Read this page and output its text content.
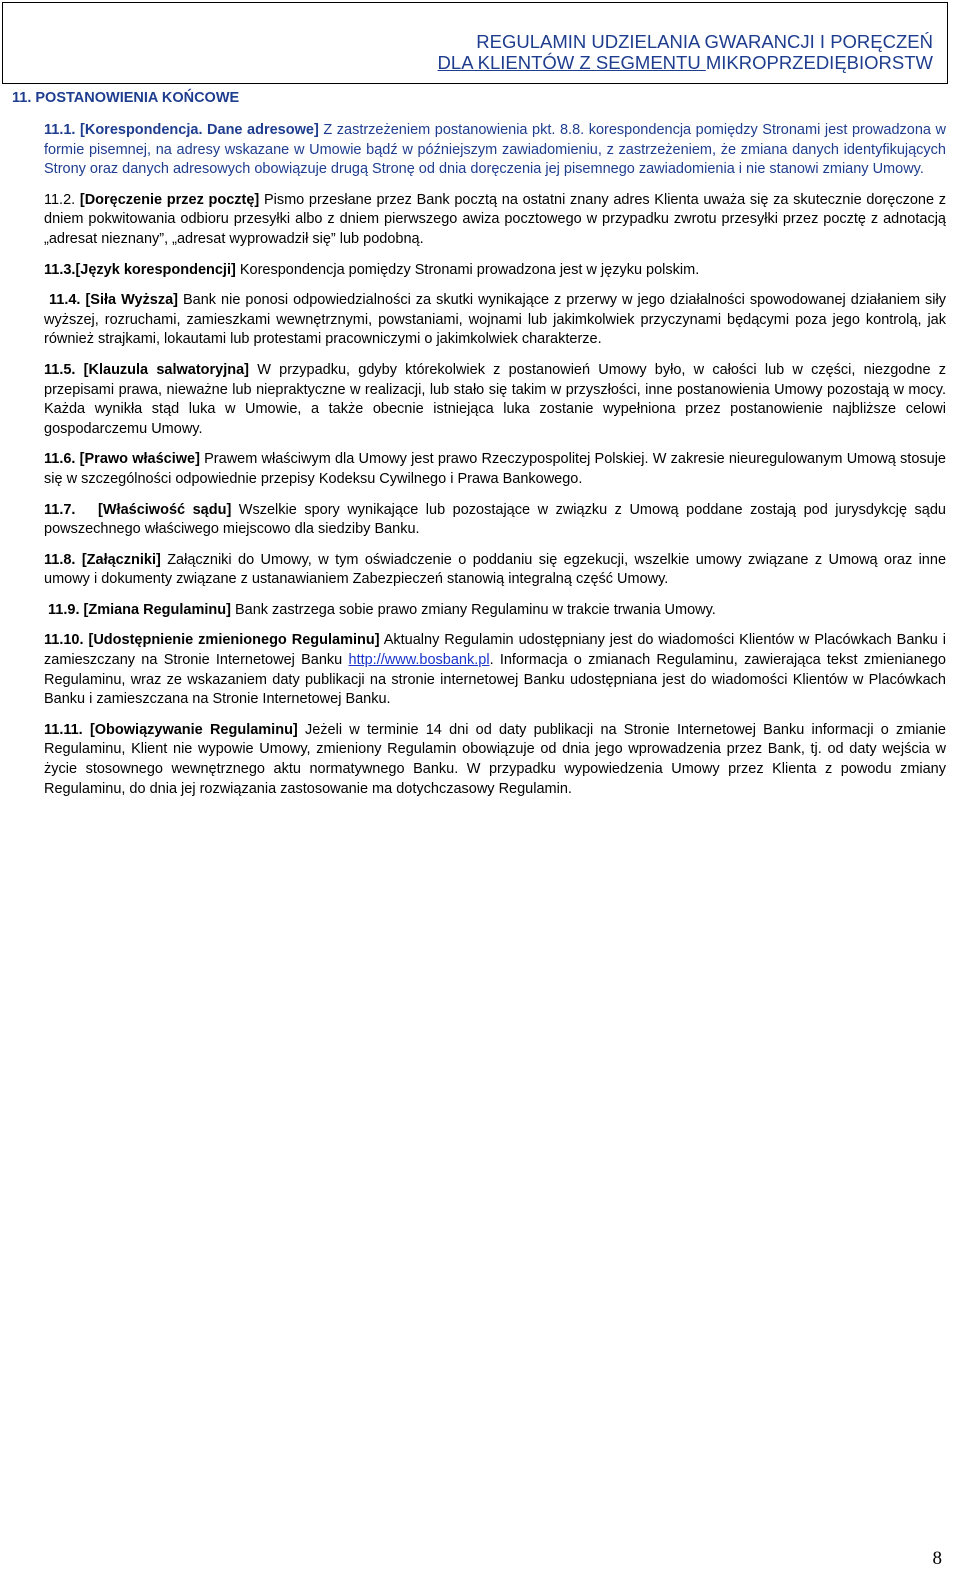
REGULAMIN UDZIELANIA GWARANCJI I PORĘCZEŃ
DLA KLIENTÓW Z SEGMENTU MIKROPRZEDIĘBIORSTW
11. POSTANOWIENIA KOŃCOWE

11.1. [Korespondencja. Dane adresowe] Z zastrzeżeniem postanowienia pkt. 8.8. korespondencja pomiędzy Stronami jest prowadzona w formie pisemnej, na adresy wskazane w Umowie bądź w późniejszym zawiadomieniu, z zastrzeżeniem, że zmiana danych identyfikujących Strony oraz danych adresowych obowiązuje drugą Stronę od dnia doręczenia jej pisemnego zawiadomienia i nie stanowi zmiany Umowy.

11.2. [Doręczenie przez pocztę] Pismo przesłane przez Bank pocztą na ostatni znany adres Klienta uważa się za skutecznie doręczone z dniem pokwitowania odbioru przesyłki albo z dniem pierwszego awiza pocztowego w przypadku zwrotu przesyłki przez pocztę z adnotacją „adresat nieznany”, „adresat wyprowadził się” lub podobną.

11.3.[Język korespondencji] Korespondencja pomiędzy Stronami prowadzona jest w języku polskim.

11.4. [Siła Wyższa] Bank nie ponosi odpowiedzialności za skutki wynikające z przerwy w jego działalności spowodowanej działaniem siły wyższej, rozruchami, zamieszkami wewnętrznymi, powstaniami, wojnami lub jakimkolwiek przyczynami będącymi poza jego kontrolą, jak również strajkami, lokautami lub protestami pracowniczymi o jakimkolwiek charakterze.

11.5. [Klauzula salwatoryjna] W przypadku, gdyby którekolwiek z postanowień Umowy było, w całości lub w części, niezgodne z przepisami prawa, nieważne lub niepraktyczne w realizacji, lub stało się takim w przyszłości, inne postanowienia Umowy pozostają w mocy. Każda wynikła stąd luka w Umowie, a także obecnie istniejąca luka zostanie wypełniona przez postanowienie najbliższe celowi gospodarczemu Umowy.

11.6. [Prawo właściwe] Prawem właściwym dla Umowy jest prawo Rzeczypospolitej Polskiej. W zakresie nieuregulowanym Umową stosuje się w szczególności odpowiednie przepisy Kodeksu Cywilnego i Prawa Bankowego.

11.7. [Właściwość sądu] Wszelkie spory wynikające lub pozostające w związku z Umową poddane zostają pod jurysdykcję sądu powszechnego właściwego miejscowo dla siedziby Banku.

11.8. [Załączniki] Załączniki do Umowy, w tym oświadczenie o poddaniu się egzekucji, wszelkie umowy związane z Umową oraz inne umowy i dokumenty związane z ustanawianiem Zabezpieczeń stanowią integralną część Umowy.

11.9. [Zmiana Regulaminu] Bank zastrzega sobie prawo zmiany Regulaminu w trakcie trwania Umowy.

11.10. [Udostępnienie zmienionego Regulaminu] Aktualny Regulamin udostępniany jest do wiadomości Klientów w Placówkach Banku i zamieszczany na Stronie Internetowej Banku http://www.bosbank.pl. Informacja o zmianach Regulaminu, zawierająca tekst zmienianego Regulaminu, wraz ze wskazaniem daty publikacji na stronie internetowej Banku udostępniana jest do wiadomości Klientów w Placówkach Banku i zamieszczana na Stronie Internetowej Banku.

11.11. [Obowiązywanie Regulaminu] Jeżeli w terminie 14 dni od daty publikacji na Stronie Internetowej Banku informacji o zmianie Regulaminu, Klient nie wypowie Umowy, zmieniony Regulamin obowiązuje od dnia jego wprowadzenia przez Bank, tj. od daty wejścia w życie stosownego wewnętrznego aktu normatywnego Banku. W przypadku wypowiedzenia Umowy przez Klienta z powodu zmiany Regulaminu, do dnia jej rozwiązania zastosowanie ma dotychczasowy Regulamin.

8
